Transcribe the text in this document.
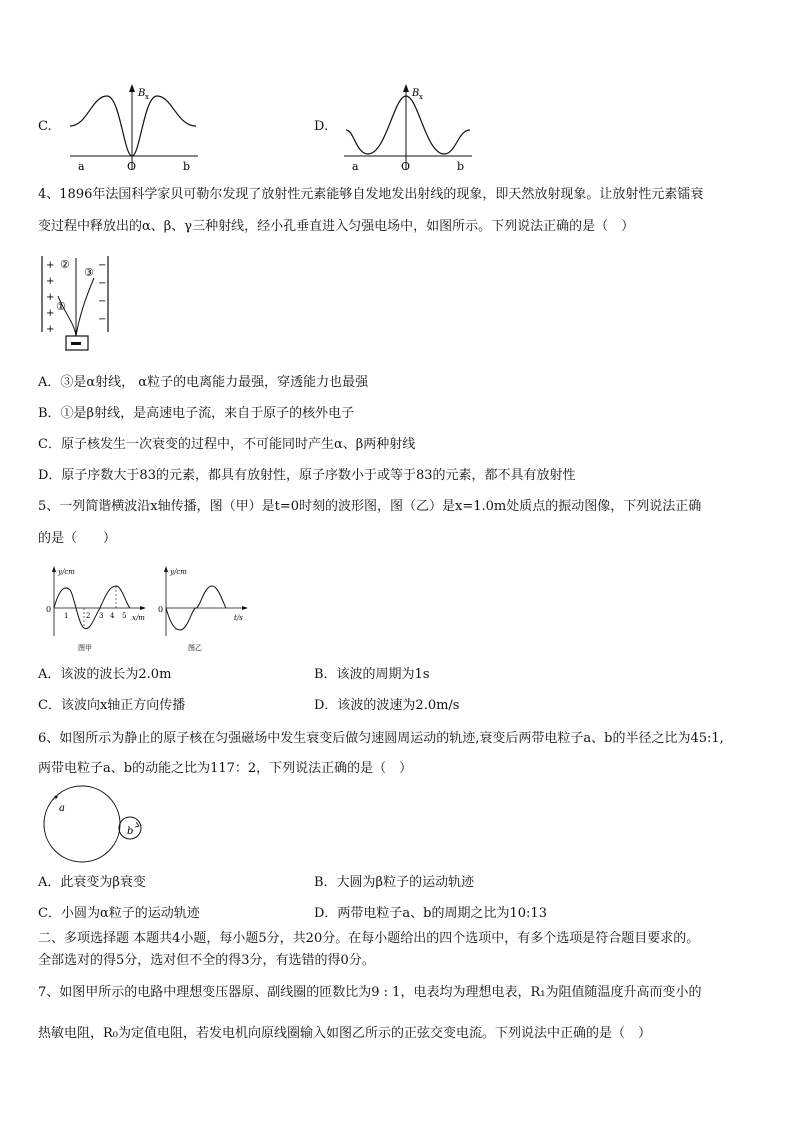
C.
B x
a	O	b
D.
B x
a	O	b
4、1896年法国科学家贝可勒尔发现了放射性元素能够自发地发出射线的现象，即天然放射现象。让放射性元素镭衰
变过程中释放出的α、β、γ三种射线，经小孔垂直进入匀强电场中，如图所示。下列说法正确的是（　）
+
+
+
+
+
−
−
−
−
①
②
③
A．③是α射线， α粒子的电离能力最强，穿透能力也最强
B．①是β射线，是高速电子流，来自于原子的核外电子
C．原子核发生一次衰变的过程中，不可能同时产生α、β两种射线
D．原子序数大于83的元素，都具有放射性，原子序数小于或等于83的元素，都不具有放射性
5、一列简谐横波沿x轴传播，图（甲）是t=0时刻的波形图，图（乙）是x=1.0m处质点的振动图像，下列说法正确
的是（　　）
y/cm
0
1	2 3 4 5 x/m
图甲
y/cm
0
t/s
图乙
A．该波的波长为2.0m	B．该波的周期为1s
C．该波向x轴正方向传播	D．该波的波速为2.0m/s
6、如图所示为静止的原子核在匀强磁场中发生衰变后做匀速圆周运动的轨迹,衰变后两带电粒子a、b的半径之比为45:1,
两带电粒子a、b的动能之比为117：2，下列说法正确的是（　）
a
b
A．此衰变为β衰变	B．大圆为β粒子的运动轨迹
C．小圆为α粒子的运动轨迹	D．两带电粒子a、b的周期之比为10:13
二、多项选择题 本题共4小题，每小题5分，共20分。在每小题给出的四个选项中，有多个选项是符合题目要求的。
全部选对的得5分，选对但不全的得3分，有选错的得0分。
7、如图甲所示的电路中理想变压器原、副线圈的匝数比为9 : 1，电表均为理想电表，R₁为阻值随温度升高而变小的
热敏电阻，R₀为定值电阻，若发电机向原线圈输入如图乙所示的正弦交变电流。下列说法中正确的是（　）
